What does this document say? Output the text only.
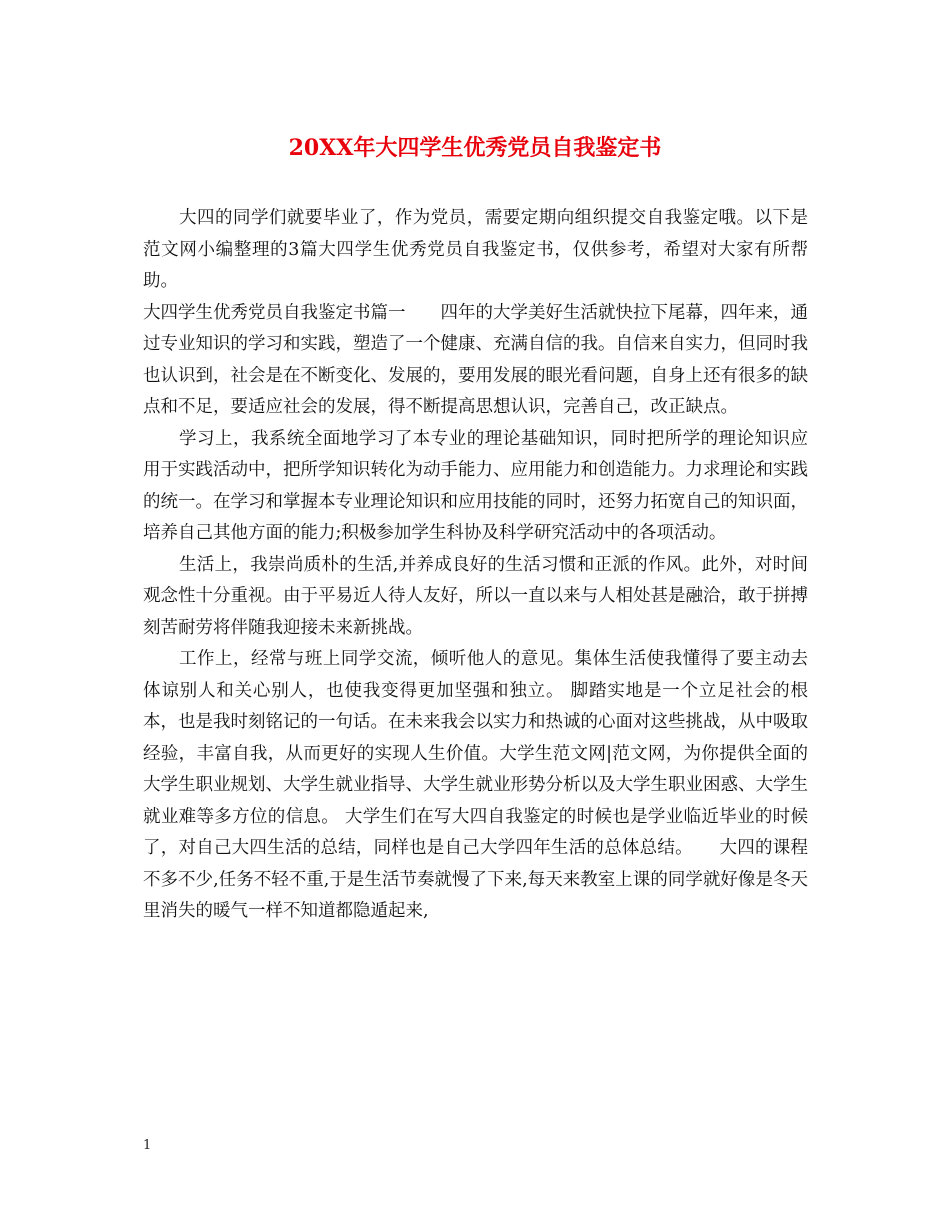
20XX年大四学生优秀党员自我鉴定书

大四的同学们就要毕业了，作为党员，需要定期向组织提交自我鉴定哦。以下是范文网小编整理的3篇大四学生优秀党员自我鉴定书，仅供参考，希望对大家有所帮助。

大四学生优秀党员自我鉴定书篇一　　四年的大学美好生活就快拉下尾幕，四年来，通过专业知识的学习和实践，塑造了一个健康、充满自信的我。自信来自实力，但同时我也认识到，社会是在不断变化、发展的，要用发展的眼光看问题，自身上还有很多的缺点和不足，要适应社会的发展，得不断提高思想认识，完善自己，改正缺点。

学习上，我系统全面地学习了本专业的理论基础知识，同时把所学的理论知识应用于实践活动中，把所学知识转化为动手能力、应用能力和创造能力。力求理论和实践的统一。在学习和掌握本专业理论知识和应用技能的同时，还努力拓宽自己的知识面，培养自己其他方面的能力;积极参加学生科协及科学研究活动中的各项活动。

生活上，我崇尚质朴的生活,并养成良好的生活习惯和正派的作风。此外，对时间观念性十分重视。由于平易近人待人友好，所以一直以来与人相处甚是融洽，敢于拼搏刻苦耐劳将伴随我迎接未来新挑战。

工作上，经常与班上同学交流，倾听他人的意见。集体生活使我懂得了要主动去体谅别人和关心别人，也使我变得更加坚强和独立。 脚踏实地是一个立足社会的根本，也是我时刻铭记的一句话。在未来我会以实力和热诚的心面对这些挑战，从中吸取经验，丰富自我，从而更好的实现人生价值。大学生范文网|范文网，为你提供全面的大学生职业规划、大学生就业指导、大学生就业形势分析以及大学生职业困惑、大学生就业难等多方位的信息。 大学生们在写大四自我鉴定的时候也是学业临近毕业的时候了，对自己大四生活的总结，同样也是自己大学四年生活的总体总结。　　大四的课程不多不少,任务不轻不重,于是生活节奏就慢了下来,每天来教室上课的同学就好像是冬天里消失的暖气一样不知道都隐遁起来,

1
